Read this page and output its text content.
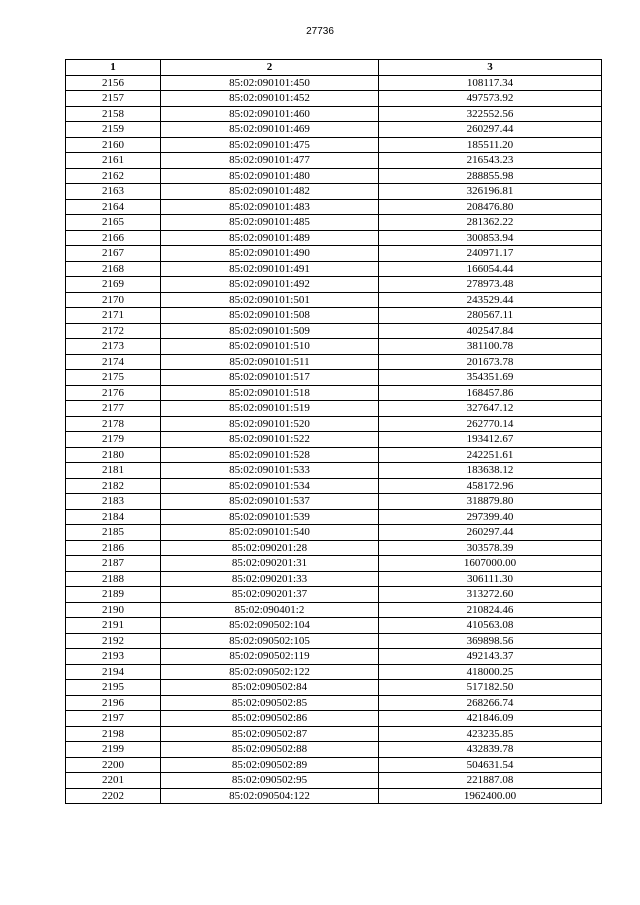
27736
1	2	3
2156	85:02:090101:450	108117.34
2157	85:02:090101:452	497573.92
2158	85:02:090101:460	322552.56
2159	85:02:090101:469	260297.44
2160	85:02:090101:475	185511.20
2161	85:02:090101:477	216543.23
2162	85:02:090101:480	288855.98
2163	85:02:090101:482	326196.81
2164	85:02:090101:483	208476.80
2165	85:02:090101:485	281362.22
2166	85:02:090101:489	300853.94
2167	85:02:090101:490	240971.17
2168	85:02:090101:491	166054.44
2169	85:02:090101:492	278973.48
2170	85:02:090101:501	243529.44
2171	85:02:090101:508	280567.11
2172	85:02:090101:509	402547.84
2173	85:02:090101:510	381100.78
2174	85:02:090101:511	201673.78
2175	85:02:090101:517	354351.69
2176	85:02:090101:518	168457.86
2177	85:02:090101:519	327647.12
2178	85:02:090101:520	262770.14
2179	85:02:090101:522	193412.67
2180	85:02:090101:528	242251.61
2181	85:02:090101:533	183638.12
2182	85:02:090101:534	458172.96
2183	85:02:090101:537	318879.80
2184	85:02:090101:539	297399.40
2185	85:02:090101:540	260297.44
2186	85:02:090201:28	303578.39
2187	85:02:090201:31	1607000.00
2188	85:02:090201:33	306111.30
2189	85:02:090201:37	313272.60
2190	85:02:090401:2	210824.46
2191	85:02:090502:104	410563.08
2192	85:02:090502:105	369898.56
2193	85:02:090502:119	492143.37
2194	85:02:090502:122	418000.25
2195	85:02:090502:84	517182.50
2196	85:02:090502:85	268266.74
2197	85:02:090502:86	421846.09
2198	85:02:090502:87	423235.85
2199	85:02:090502:88	432839.78
2200	85:02:090502:89	504631.54
2201	85:02:090502:95	221887.08
2202	85:02:090504:122	1962400.00
